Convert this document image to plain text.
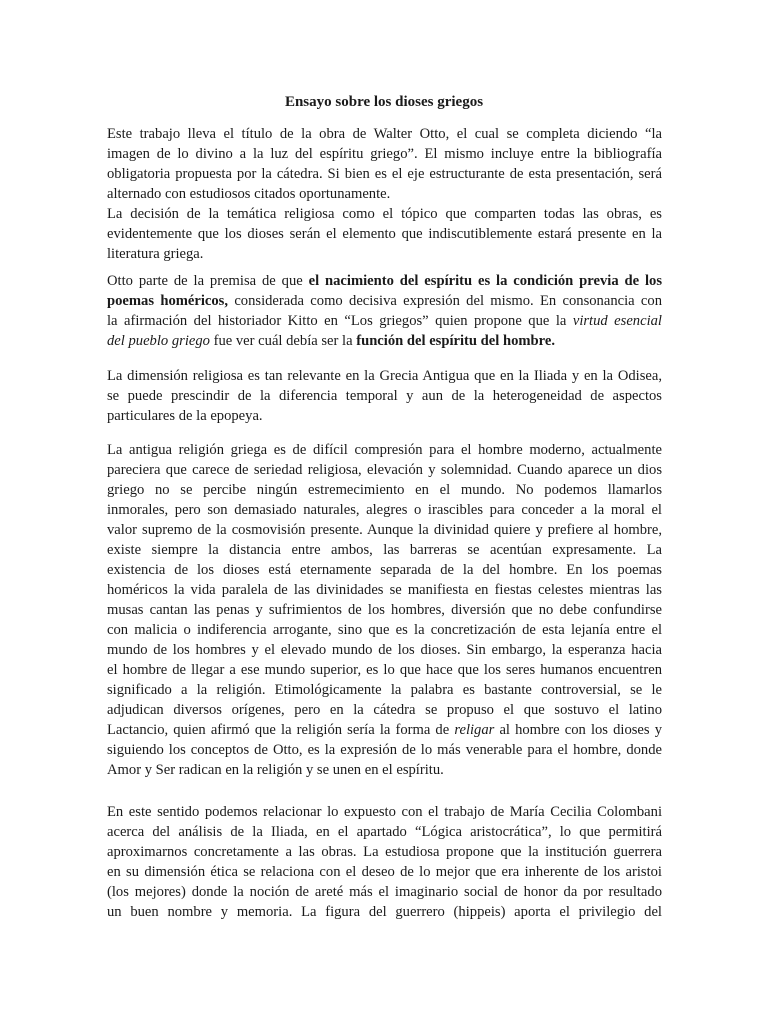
Ensayo sobre los dioses griegos

Este trabajo lleva el título de la obra de Walter Otto, el cual se completa diciendo “la
imagen de lo divino a la luz del espíritu griego”. El mismo incluye entre la bibliografía
obligatoria propuesta por la cátedra. Si bien es el eje estructurante de esta presentación, será
alternado con estudiosos citados oportunamente.

La decisión de la temática religiosa como el tópico que comparten todas las obras, es
evidentemente que los dioses serán el elemento que indiscutiblemente estará presente en la
literatura griega.

Otto parte de la premisa de que el nacimiento del espíritu es la condición previa de los
poemas homéricos, considerada como decisiva expresión del mismo. En consonancia con
la afirmación del historiador Kitto en “Los griegos” quien propone que la virtud esencial
del pueblo griego fue ver cuál debía ser la función del espíritu del hombre.

La dimensión religiosa es tan relevante en la Grecia Antigua que en la Iliada y en la Odisea,
se puede prescindir de la diferencia temporal y aun de la heterogeneidad de aspectos
particulares de la epopeya.

La antigua religión griega es de difícil compresión para el hombre moderno, actualmente
pareciera que carece de seriedad religiosa, elevación y solemnidad. Cuando aparece un dios
griego no se percibe ningún estremecimiento en el mundo. No podemos llamarlos
inmorales, pero son demasiado naturales, alegres o irascibles para conceder a la moral el
valor supremo de la cosmovisión presente. Aunque la divinidad quiere y prefiere al hombre,
existe siempre la distancia entre ambos, las barreras se acentúan expresamente. La
existencia de los dioses está eternamente separada de la del hombre. En los poemas
homéricos la vida paralela de las divinidades se manifiesta en fiestas celestes mientras las
musas cantan las penas y sufrimientos de los hombres, diversión que no debe confundirse
con malicia o indiferencia arrogante, sino que es la concretización de esta lejanía entre el
mundo de los hombres y el elevado mundo de los dioses. Sin embargo, la esperanza hacia
el hombre de llegar a ese mundo superior, es lo que hace que los seres humanos encuentren
significado a la religión. Etimológicamente la palabra es bastante controversial, se le
adjudican diversos orígenes, pero en la cátedra se propuso el que sostuvo el latino
Lactancio, quien afirmó que la religión sería la forma de religar al hombre con los dioses y
siguiendo los conceptos de Otto, es la expresión de lo más venerable para el hombre, donde
Amor y Ser radican en la religión y se unen en el espíritu.

En este sentido podemos relacionar lo expuesto con el trabajo de María Cecilia Colombani
acerca del análisis de la Iliada, en el apartado “Lógica aristocrática”, lo que permitirá
aproximarnos concretamente a las obras. La estudiosa propone que la institución guerrera
en su dimensión ética se relaciona con el deseo de lo mejor que era inherente de los aristoi
(los mejores) donde la noción de areté más el imaginario social de honor da por resultado
un buen nombre y memoria. La figura del guerrero (hippeis) aporta el privilegio del
